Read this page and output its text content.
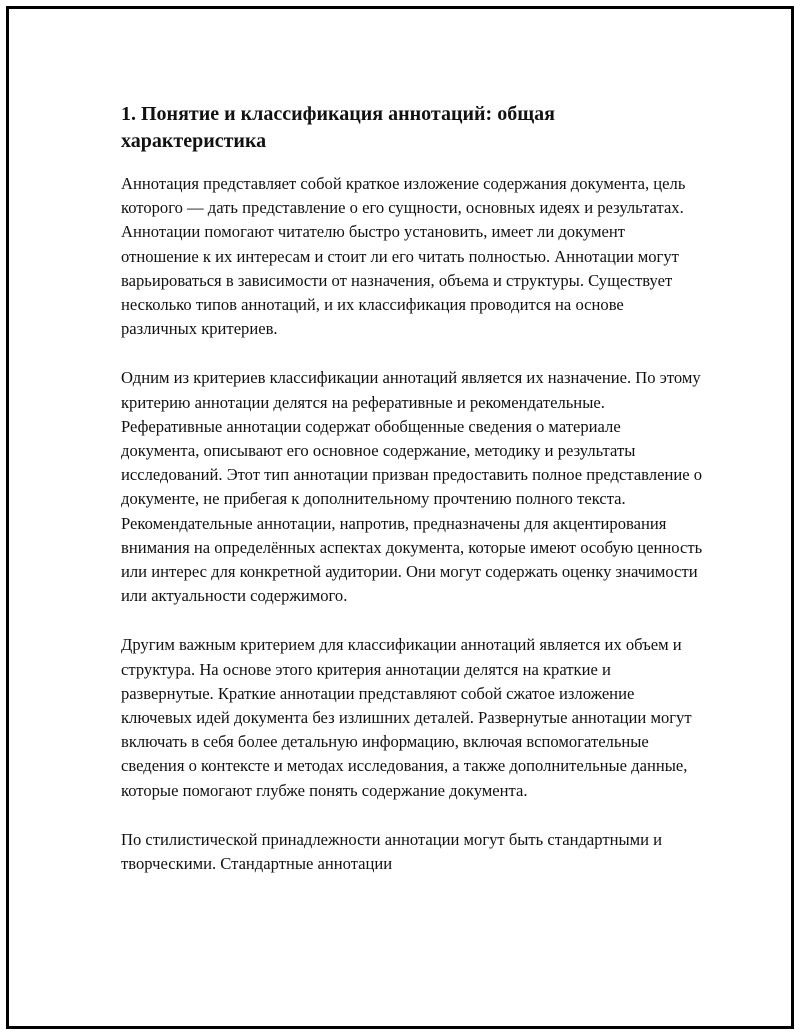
1. Понятие и классификация аннотаций: общая характеристика

Аннотация представляет собой краткое изложение содержания документа, цель которого — дать представление о его сущности, основных идеях и результатах. Аннотации помогают читателю быстро установить, имеет ли документ отношение к их интересам и стоит ли его читать полностью. Аннотации могут варьироваться в зависимости от назначения, объема и структуры. Существует несколько типов аннотаций, и их классификация проводится на основе различных критериев.

Одним из критериев классификации аннотаций является их назначение. По этому критерию аннотации делятся на реферативные и рекомендательные. Реферативные аннотации содержат обобщенные сведения о материале документа, описывают его основное содержание, методику и результаты исследований. Этот тип аннотации призван предоставить полное представление о документе, не прибегая к дополнительному прочтению полного текста. Рекомендательные аннотации, напротив, предназначены для акцентирования внимания на определённых аспектах документа, которые имеют особую ценность или интерес для конкретной аудитории. Они могут содержать оценку значимости или актуальности содержимого.

Другим важным критерием для классификации аннотаций является их объем и структура. На основе этого критерия аннотации делятся на краткие и развернутые. Краткие аннотации представляют собой сжатое изложение ключевых идей документа без излишних деталей. Развернутые аннотации могут включать в себя более детальную информацию, включая вспомогательные сведения о контексте и методах исследования, а также дополнительные данные, которые помогают глубже понять содержание документа.

По стилистической принадлежности аннотации могут быть стандартными и творческими. Стандартные аннотации
